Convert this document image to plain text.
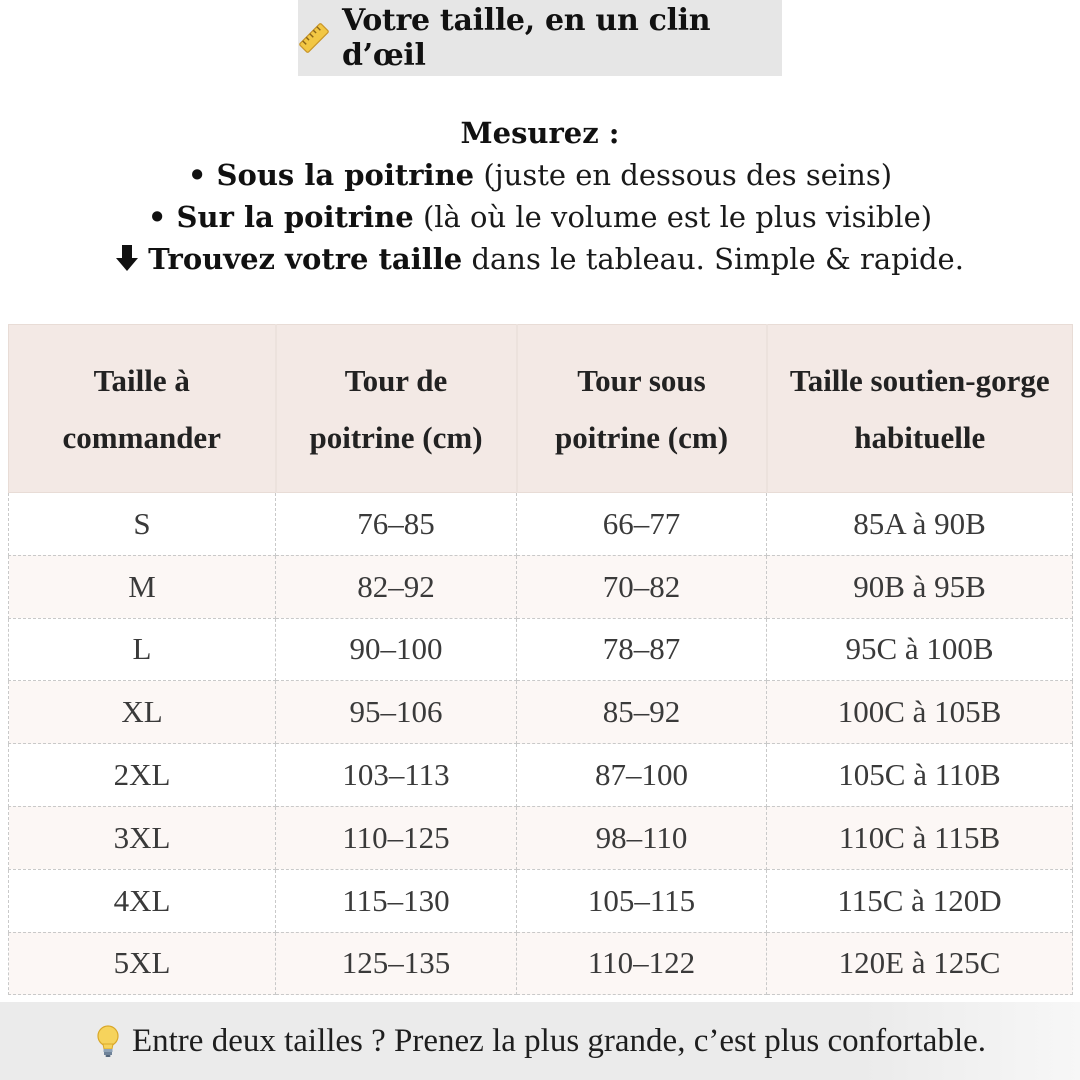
Votre taille, en un clin d’œil
Mesurez :
• Sous la poitrine (juste en dessous des seins)
• Sur la poitrine (là où le volume est le plus visible)
Trouvez votre taille dans le tableau. Simple & rapide.
Taille à commander	Tour de poitrine (cm)	Tour sous poitrine (cm)	Taille soutien-gorge habituelle
S	76–85	66–77	85A à 90B
M	82–92	70–82	90B à 95B
L	90–100	78–87	95C à 100B
XL	95–106	85–92	100C à 105B
2XL	103–113	87–100	105C à 110B
3XL	110–125	98–110	110C à 115B
4XL	115–130	105–115	115C à 120D
5XL	125–135	110–122	120E à 125C
Entre deux tailles ? Prenez la plus grande, c’est plus confortable.
